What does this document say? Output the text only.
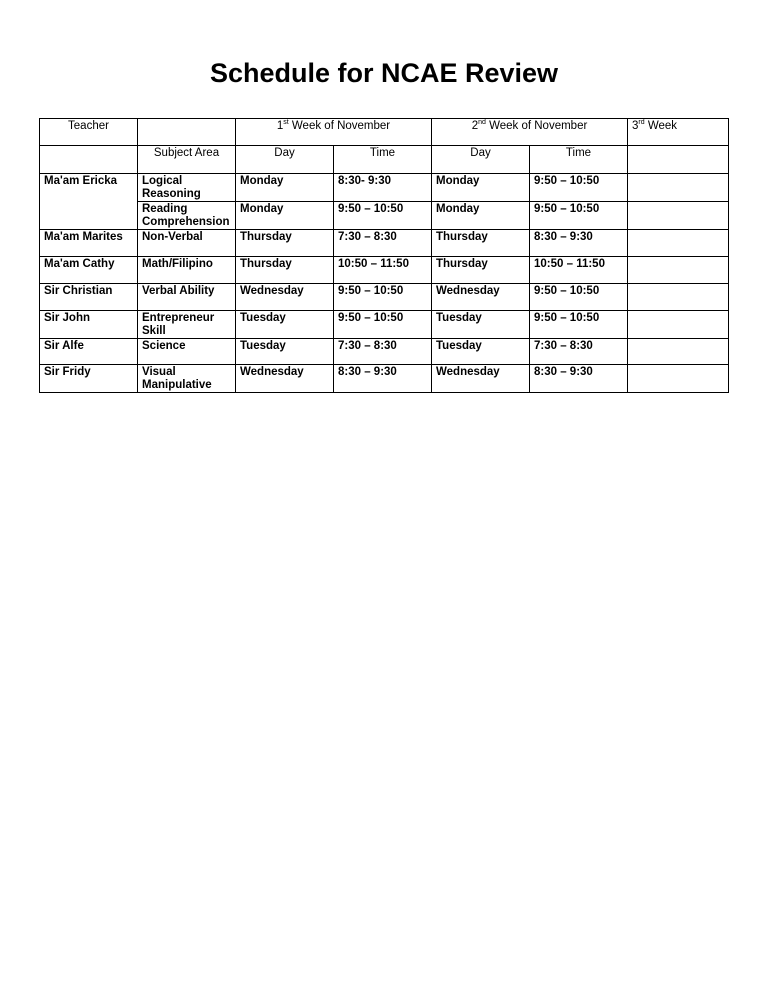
Schedule for NCAE Review
Teacher		1st Week of November		2nd Week of November		3rd Week
	Subject Area	Day	Time	Day	Time	
Ma'am Ericka	Logical Reasoning	Monday	8:30- 9:30	Monday	9:50 – 10:50	
	Reading Comprehension	Monday	9:50 – 10:50	Monday	9:50 – 10:50	
Ma'am Marites	Non-Verbal	Thursday	7:30 – 8:30	Thursday	8:30 – 9:30	
Ma'am Cathy	Math/Filipino	Thursday	10:50 – 11:50	Thursday	10:50 – 11:50	
Sir Christian	Verbal Ability	Wednesday	9:50 – 10:50	Wednesday	9:50 – 10:50	
Sir John	Entrepreneur Skill	Tuesday	9:50 – 10:50	Tuesday	9:50 – 10:50	
Sir Alfe	Science	Tuesday	7:30 – 8:30	Tuesday	7:30 – 8:30	
Sir Fridy	Visual Manipulative	Wednesday	8:30 – 9:30	Wednesday	8:30 – 9:30	
